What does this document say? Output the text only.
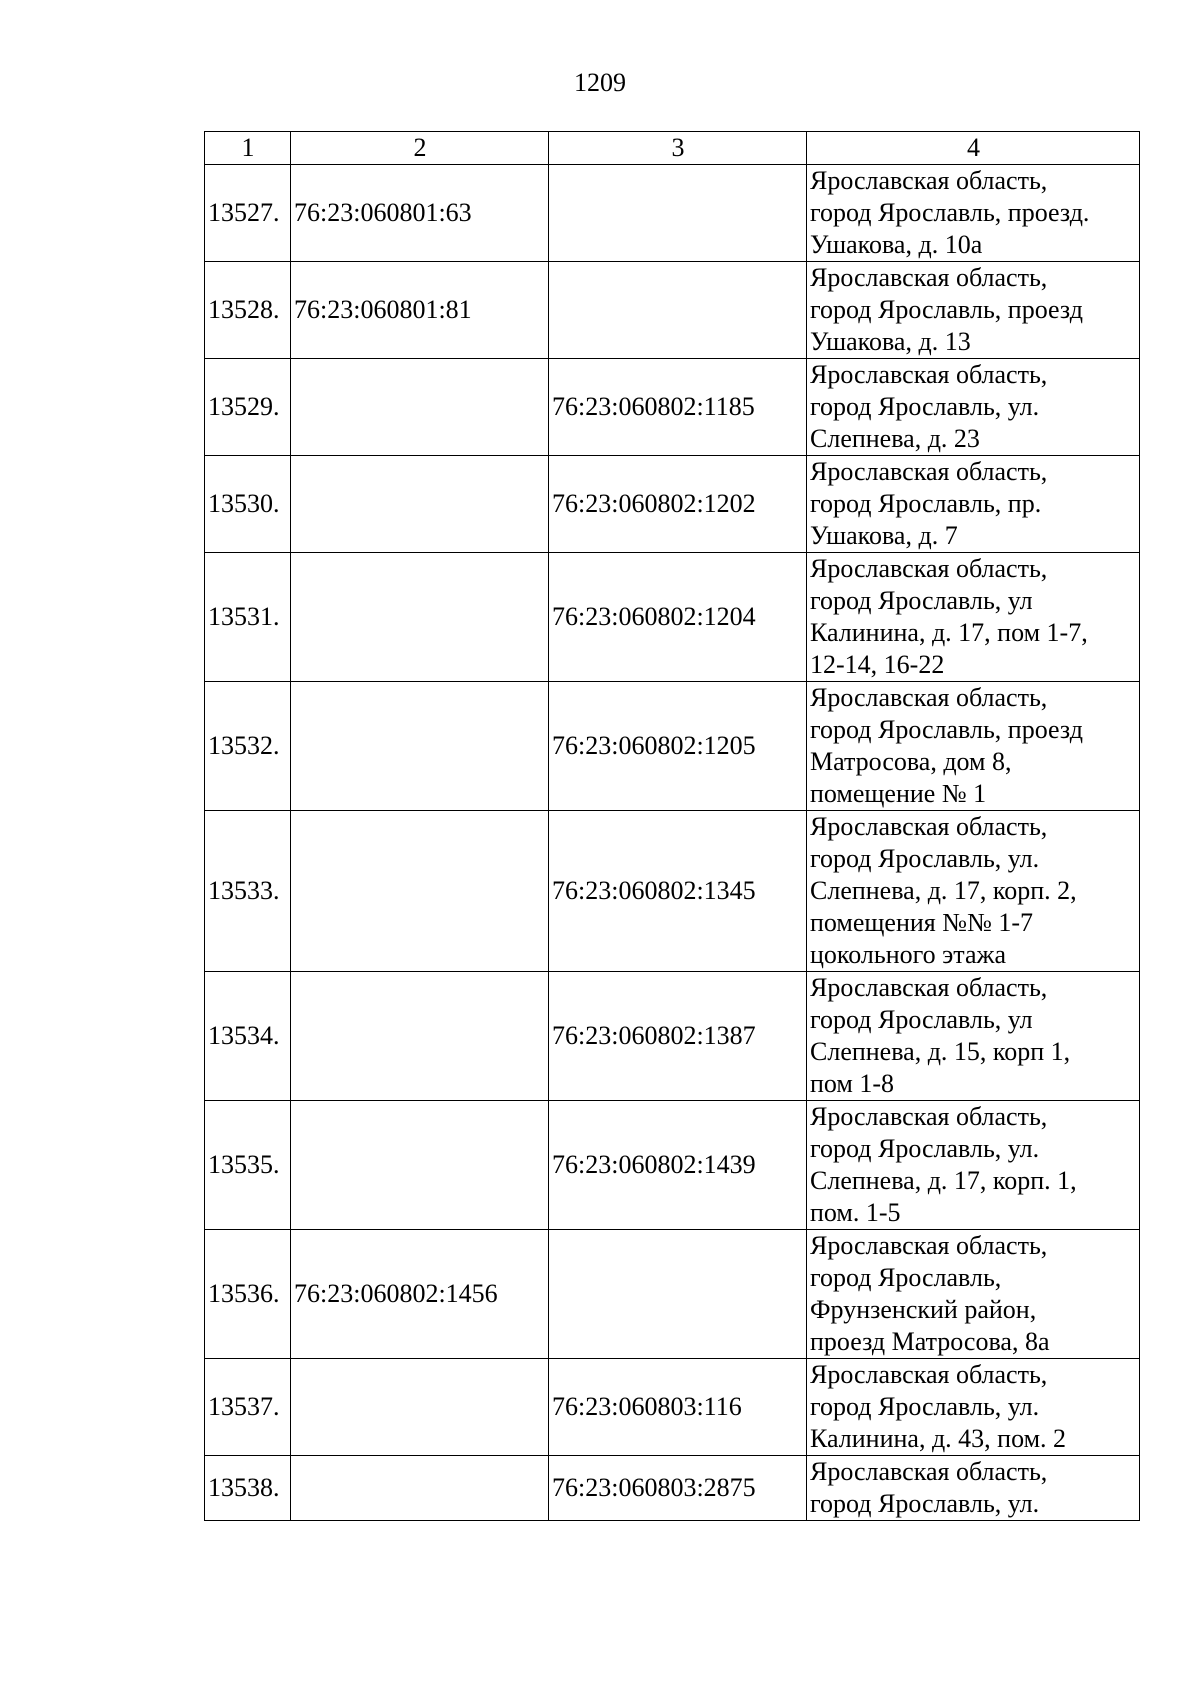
1209
1	2	3	4
13527.	76:23:060801:63		Ярославская область,
город Ярославль, проезд.
Ушакова, д. 10а

13528.	76:23:060801:81		Ярославская область,
город Ярославль, проезд
Ушакова, д. 13

13529.		76:23:060802:1185	Ярославская область,
город Ярославль, ул.
Слепнева, д. 23

13530.		76:23:060802:1202	Ярославская область,
город Ярославль, пр.
Ушакова, д. 7

13531.		76:23:060802:1204	Ярославская область,
город Ярославль, ул
Калинина, д. 17, пом 1-7,
12-14, 16-22

13532.		76:23:060802:1205	Ярославская область,
город Ярославль, проезд
Матросова, дом 8,
помещение № 1

13533.		76:23:060802:1345	Ярославская область,
город Ярославль, ул.
Слепнева, д. 17, корп. 2,
помещения №№ 1-7
цокольного этажа

13534.		76:23:060802:1387	Ярославская область,
город Ярославль, ул
Слепнева, д. 15, корп 1,
пом 1-8

13535.		76:23:060802:1439	Ярославская область,
город Ярославль, ул.
Слепнева, д. 17, корп. 1,
пом. 1-5

13536.	76:23:060802:1456		Ярославская область,
город Ярославль,
Фрунзенский район,
проезд Матросова, 8а

13537.		76:23:060803:116	Ярославская область,
город Ярославль, ул.
Калинина, д. 43, пом. 2

13538.		76:23:060803:2875	Ярославская область,
город Ярославль, ул.
